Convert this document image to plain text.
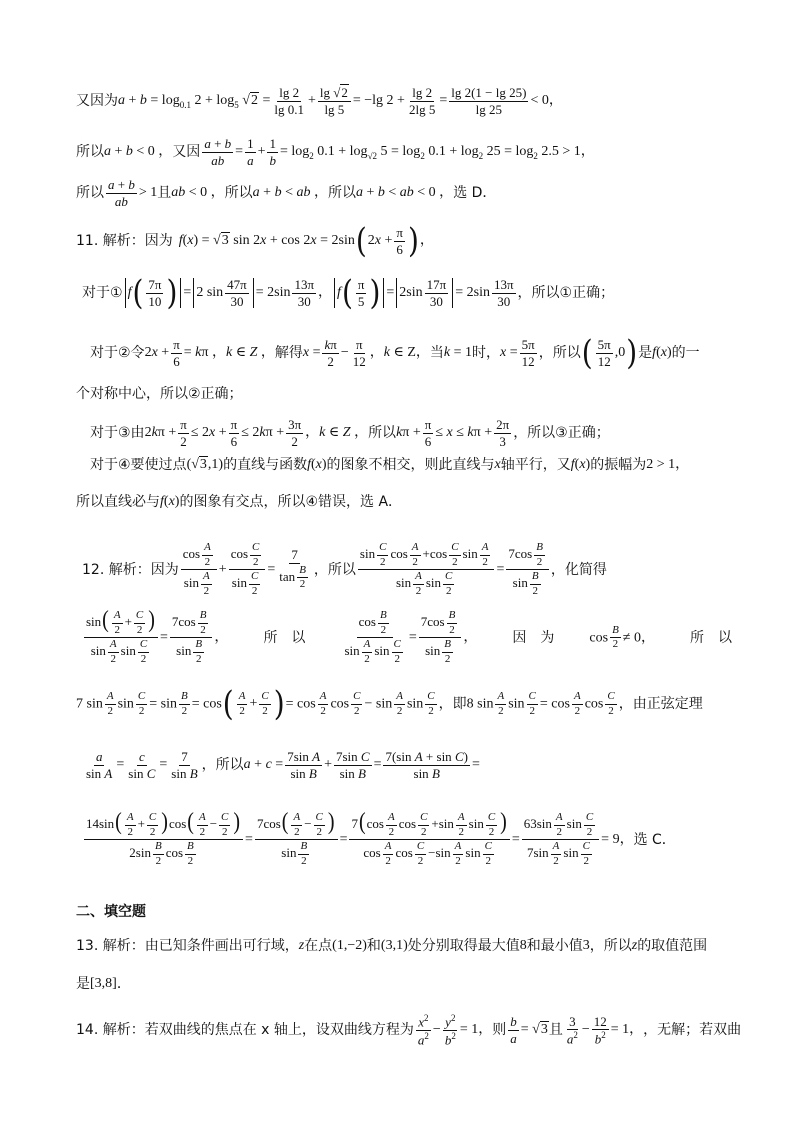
又因为 $a + b = \log_{0.1} 2 + \log_5 √2 = \frac{\lg 2}{\lg 0.1} + \frac{\lg √2}{\lg 5} = -\lg$ $2 + \frac{\lg 2}{2\lg 5} = \frac{\lg 2(1 - \lg 25)}{\lg 25} < 0$，
所以 a + b < 0 ， 又因 $\frac{a + b}{ab} = \frac{1}{a} + \frac{1}{b} = \log_2 0.1 + \log_{√2} 5 = \log_2 0.1 + \log_2 25 = \log_2 2.5 > 1$，
所以 $\frac{a + b}{ab} > 1$ 且 ab < 0 ， 所以 a + b < ab ， 所以 a + b < ab < 0 ， 选 D．
11. 解析：因为 f(x) = √3 sin 2x + cos 2x = 2sin ( $2x + \frac{\pi}{6}$ ) ，
对于① f ( $\frac{7\pi}{10}$ ) = 2 $\sin \frac{47\pi}{30} = 2\sin \frac{13\pi}{30}$ ， f ( $\frac{\pi}{5}$ ) = $2\sin \frac{17\pi}{30} = 2\sin \frac{13\pi}{30}$ ，所以①正确；
对于②令 $2x + \frac{\pi}{6} = k\pi$ ，k ∈ Z ， 解得 $x = \frac{k\pi}{2} - \frac{\pi}{12}$ ，k ∈ Z， 当 k = 1 时， $x = \frac{5\pi}{12}$ ，所以 ( $\frac{5\pi}{12} ,0$ ) 是 f(x) 的一
个对称中心，所以②正确；
对于③由 $2k\pi + \frac{\pi}{2} \le 2x + \frac{\pi}{6} \le 2k\pi + \frac{3\pi}{2}$ ，k ∈ Z ， 所以 $k\pi + \frac{\pi}{6} \le x \le k\pi + \frac{2\pi}{3}$ ，所以③正确；
对于④要使过点 (√3,1) 的直线与函数 f(x) 的图象不相交，则此直线与 x 轴平行，又 f(x) 的振幅为 2 > 1，
所以直线必与 f(x) 的图象有交点，所以④错误，选 A．
12. 解析：因为 $\frac{\cos \frac{A}{2}}{\sin \frac{A}{2}} + \frac{\cos \frac{C}{2}}{\sin \frac{C}{2}} = \frac{7}{\tan \frac{B}{2}}$ ，所以 $\frac{\sin \frac{C}{2} \cos \frac{A}{2} +\cos \frac{C}{2} \sin \frac{A}{2}}{\sin \frac{A}{2} \sin \frac{C}{2}} = \frac{7\cos \frac{B}{2}}{\sin \frac{B}{2}}$ ，化简得
$\frac{\sin( \frac{A}{2} + \frac{C}{2} )}{\sin \frac{A}{2} \sin \frac{C}{2}} = \frac{7\cos \frac{B}{2}}{\sin \frac{B}{2}}$ ，	所　以	$\frac{\cos \frac{B}{2}}{\sin \frac{A}{2} \sin \frac{C}{2}} = \frac{7\cos \frac{B}{2}}{\sin \frac{B}{2}}$ ，	因　为	$\cos \frac{B}{2} \ne 0$，	所　以
7 $\sin \frac{A}{2}$ $\sin \frac{C}{2} = \sin \frac{B}{2} = \cos$ ( $\frac{A}{2} + \frac{C}{2}$ ) = $\cos \frac{A}{2}$ $\cos \frac{C}{2} - \sin \frac{A}{2}$ $\sin \frac{C}{2}$ ，即 8 $\sin \frac{A}{2}$ $\sin \frac{C}{2} = \cos \frac{A}{2}$ $\cos \frac{C}{2}$ ，由正弦定理
$\frac{a}{\text{sin A}} = \frac{c}{\text{sin C}} = \frac{7}{\text{sin B}}$ ，所以 $a + c = \frac{\text{7sin A}}{\text{sin B}} + \frac{\text{7sin C}}{\text{sin B}} = \frac{\text{7(sin A + sin C)}}{\text{sin B}}$ =
$\frac{14\sin( \frac{A}{2} + \frac{C}{2} )\cos( \frac{A}{2} - \frac{C}{2} )}{2\sin \frac{B}{2} \cos \frac{B}{2}} = \frac{7\cos( \frac{A}{2} - \frac{C}{2} )}{\sin \frac{B}{2}} = \frac{7(\cos \frac{A}{2} \cos \frac{C}{2} +\sin \frac{A}{2} \sin \frac{C}{2} )}{\cos \frac{A}{2} \cos \frac{C}{2} -\sin \frac{A}{2} \sin \frac{C}{2}} = \frac{63\sin \frac{A}{2} \sin \frac{C}{2}}{7\sin \frac{A}{2} \sin \frac{C}{2}} = 9$， 选 C．
二、填空题
13. 解析：由已知条件画出可行域， z 在点 (1,−2) 和 (3,1) 处分别取得最大值 8 和最小值 3 ，所以 z 的取值范围
是 [3,8] ．
14. 解析：若双曲线的焦点在 x 轴上，设双曲线方程为 $\frac{x^2}{a^2} - \frac{y^2}{b^2} = 1$， 则 $\frac{b}{a} = √3$ 且 $\frac{3}{a^2} - \frac{12}{b^2} = 1$， ，无解；若双曲
